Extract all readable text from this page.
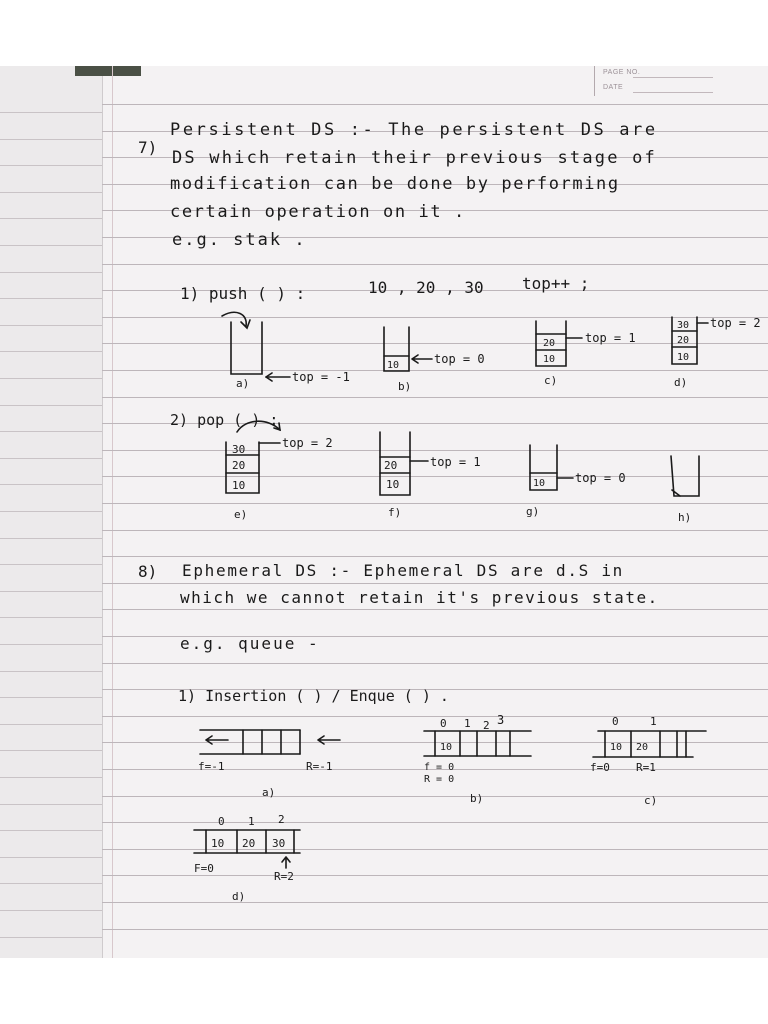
PAGE NO.
DATE
7)
Persistent DS :- The persistent DS are
DS which retain their previous stage of
modification can be done by performing
certain operation on it .
e.g. stak .
1) push ( ) :	10 , 20 , 30 top++ ;
2) pop ( ) :
8) Ephemeral DS :- Ephemeral DS are d.S in
which we cannot retain it's previous state.
e.g. queue -
1) Insertion ( ) / Enque ( ) .
a)	top = -1
b)
10	top = 0
c)
10
20 top = 1
d)
10
20
30 top = 2
30
20
10
top = 2
e)
20
10
top = 1
f)
10 top = 0
g)	h)
f=-1	R=-1
a)
0 1 2 3
10
f = 0
R = 0
b)
0	1
10 20
f=0 R=1
c)
0 1 2
10 20 30
F=0
R=2
d)
